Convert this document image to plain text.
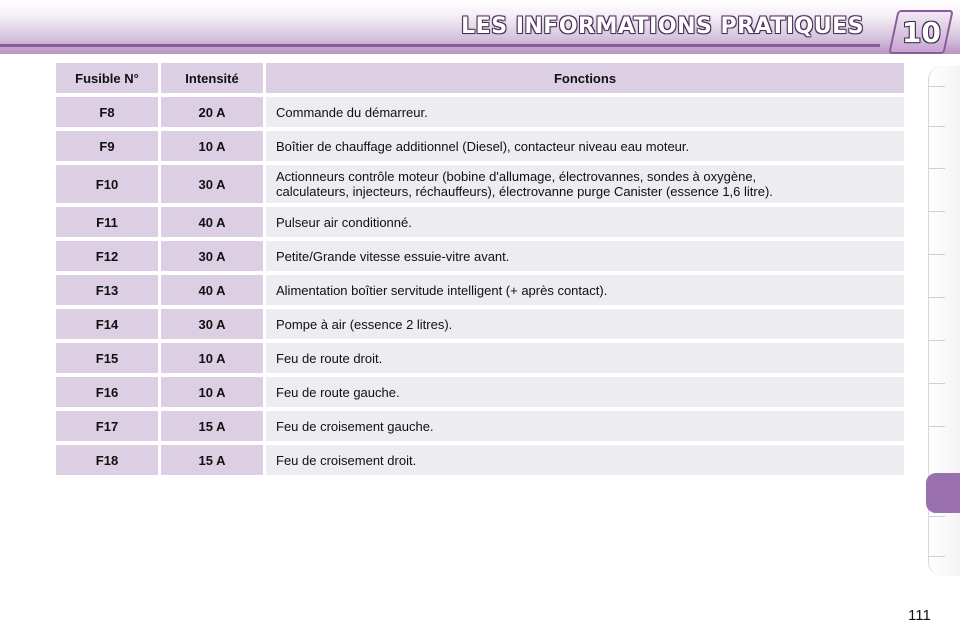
LES INFORMATIONS PRATIQUES 10
Fusible N°	Intensité	Fonctions
F8	20 A	Commande du démarreur.
F9	10 A	Boîtier de chauffage additionnel (Diesel), contacteur niveau eau moteur.
F10	30 A	Actionneurs contrôle moteur (bobine d'allumage, électrovannes, sondes à oxygène,
calculateurs, injecteurs, réchauffeurs), électrovanne purge Canister (essence 1,6 litre).
F11	40 A	Pulseur air conditionné.
F12	30 A	Petite/Grande vitesse essuie-vitre avant.
F13	40 A	Alimentation boîtier servitude intelligent (+ après contact).
F14	30 A	Pompe à air (essence 2 litres).
F15	10 A	Feu de route droit.
F16	10 A	Feu de route gauche.
F17	15 A	Feu de croisement gauche.
F18	15 A	Feu de croisement droit.
111
